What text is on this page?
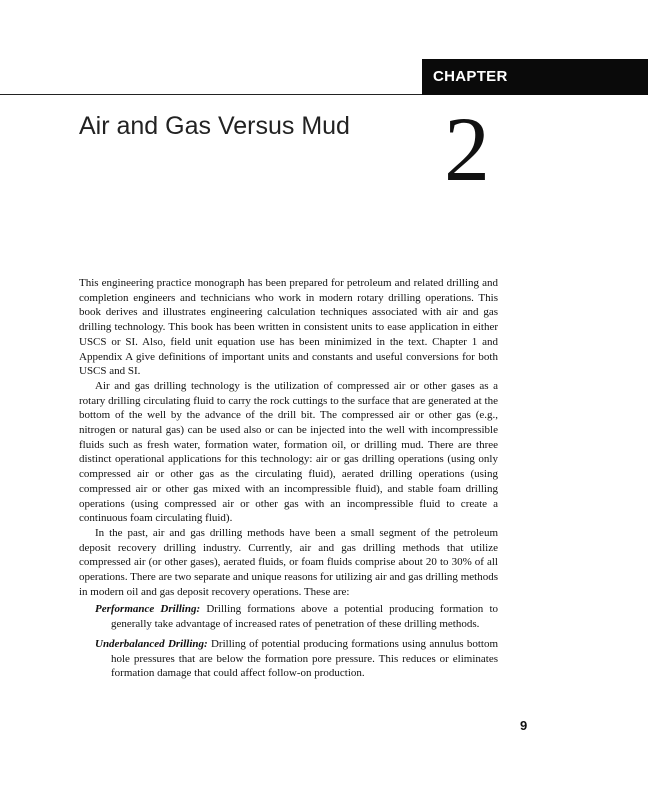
CHAPTER
Air and Gas Versus Mud 2

This engineering practice monograph has been prepared for petroleum and related drilling and completion engineers and technicians who work in modern rotary drilling operations. This book derives and illustrates engineering calculation techniques associated with air and gas drilling technology. This book has been written in consistent units to ease application in either USCS or SI. Also, field unit equation use has been minimized in the text. Chapter 1 and Appendix A give definitions of important units and constants and useful conversions for both USCS and SI.

Air and gas drilling technology is the utilization of compressed air or other gases as a rotary drilling circulating fluid to carry the rock cuttings to the surface that are generated at the bottom of the well by the advance of the drill bit. The compressed air or other gas (e.g., nitrogen or natural gas) can be used also or can be injected into the well with incompressible fluids such as fresh water, formation water, formation oil, or drilling mud. There are three distinct operational applications for this technology: air or gas drilling operations (using only compressed air or other gas as the circulating fluid), aerated drilling operations (using compressed air or other gas mixed with an incompressible fluid), and stable foam drilling operations (using compressed air or other gas with an incompressible fluid to create a continuous foam circulating fluid).

In the past, air and gas drilling methods have been a small segment of the petroleum deposit recovery drilling industry. Currently, air and gas drilling methods that utilize compressed air (or other gases), aerated fluids, or foam fluids comprise about 20 to 30% of all operations. There are two separate and unique reasons for utilizing air and gas drilling methods in modern oil and gas deposit recovery operations. These are:

Performance Drilling: Drilling formations above a potential producing formation to generally take advantage of increased rates of penetration of these drilling methods.

Underbalanced Drilling: Drilling of potential producing formations using annulus bottom hole pressures that are below the formation pore pressure. This reduces or eliminates formation damage that could affect follow-on production.

9
